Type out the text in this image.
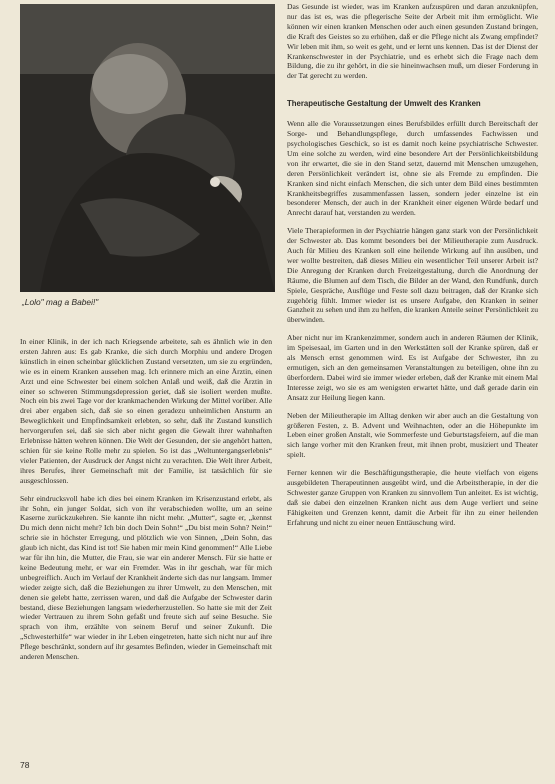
„Lolo" mag a Babei!"

In einer Klinik, in der ich nach Kriegsende arbeitete, sah es ähnlich wie in den ersten Jahren aus: Es gab Kranke, die sich durch Morphiu und andere Drogen künstlich in einen scheinbar glücklichen Zustand versetzten, um sie zu ergründen, wie es in einem Kranken aussehen mag. Ich erinnere mich an eine Ärztin, einen Arzt und eine Schwester bei einem solchen Anlaß und weiß, daß die Ärztin in einer so schweren Stimmungsdepression geriet, daß sie isoliert werden mußte. Noch ein bis zwei Tage vor der krankmachenden Wirkung der Mittel vorüber. Alle drei aber ergaben sich, daß sie so einen geradezu unheimlichen Ansturm an Beweglichkeit und Empfindsamkeit erlebten, so sehr, daß ihr Zustand kunstlich hervorgerufen sei, daß sie sich aber nicht gegen die Gewalt ihrer wahnhaften Erlebnisse hätten wehren können. Die Welt der Gesunden, der sie angehört hatten, schien für sie keine Rolle mehr zu spielen. So ist das „Weltuntergangserlebnis“ vieler Patienten, der Ausdruck der Angst nicht zu verachten. Die Welt ihrer Arbeit, ihres Berufes, ihrer Gemeinschaft mit der Familie, ist tatsächlich für sie ausgeschlossen.

Sehr eindrucksvoll habe ich dies bei einem Kranken im Krisenzustand erlebt, als ihr Sohn, ein junger Soldat, sich von ihr verabschieden wollte, um an seine Kaserne zurückzukehren. Sie kannte ihn nicht mehr. „Mutter“, sagte er, „kennst Du mich denn nicht mehr? Ich bin doch Dein Sohn!“ „Du bist mein Sohn? Nein!“ schrie sie in höchster Erregung, und plötzlich wie von Sinnen, „Dein Sohn, das glaub ich nicht, das Kind ist tot! Sie haben mir mein Kind genommen!“ Alle Liebe war für ihn hin, die Mutter, die Frau, sie war ein anderer Mensch. Für sie hatte er keine Bedeutung mehr, er war ein Fremder. Was in ihr geschah, war für mich unbegreiflich. Auch im Verlauf der Krankheit änderte sich das nur langsam. Immer wieder zeigte sich, daß die Beziehungen zu ihrer Umwelt, zu den Menschen, mit denen sie gelebt hatte, zerrissen waren, und daß die Aufgabe der Schwester darin bestand, diese Beziehungen langsam wiederherzustellen. So hatte sie mit der Zeit wieder Vertrauen zu ihrem Sohn gefaßt und freute sich auf seine Besuche. Sie sprach von ihm, erzählte von seinem Beruf und seiner Zukunft. Die „Schwesterhilfe“ war wieder in ihr Leben eingetreten, hatte sich nicht nur auf ihre Pflege beschränkt, sondern auf ihr gesamtes Befinden, wieder in Gemeinschaft mit anderen Menschen.

Das Gesunde ist wieder, was im Kranken aufzuspüren und daran anzuknüpfen, nur das ist es, was die pflegerische Seite der Arbeit mit ihm ermöglicht. Wie können wir einen kranken Menschen oder auch einen gesunden Zustand bringen, die Kraft des Geistes so zu erhöhen, daß er die Pflege nicht als Zwang empfindet? Wir leben mit ihm, so weit es geht, und er lernt uns kennen. Das ist der Dienst der Krankenschwester in der Psychiatrie, und es erhebt sich die Frage nach dem Bildung, die zu ihr gehört, in die sie hineinwachsen muß, um dieser Forderung in der Tat gerecht zu werden.

Therapeutische Gestaltung der Umwelt des Kranken

Wenn alle die Voraussetzungen eines Berufsbildes erfüllt durch Bereitschaft der Sorge- und Behandlungspflege, durch umfassendes Fachwissen und psychologisches Geschick, so ist es damit noch keine psychiatrische Schwester. Um eine solche zu werden, wird eine besondere Art der Persönlichkeitsbildung von ihr erwartet, die sie in den Stand setzt, dauernd mit Menschen umzugehen, deren Persönlichkeit verändert ist, ohne sie als Fremde zu empfinden. Die Kranken sind nicht einfach Menschen, die sich unter dem Bild eines bestimmten Krankheitsbegriffes zusammenfassen lassen, sondern jeder einzelne ist ein besonderer Mensch, der auch in der Krankheit einer eigenen Würde bedarf und Anrecht darauf hat, verstanden zu werden.

Viele Therapieformen in der Psychiatrie hängen ganz stark von der Persönlichkeit der Schwester ab. Das kommt besonders bei der Milieutherapie zum Ausdruck. Auch für Milieu des Kranken soll eine heilende Wirkung auf ihn ausüben, und wer wollte bestreiten, daß dieses Milieu ein wesentlicher Teil unserer Arbeit ist? Die Anregung der Kranken durch Freizeitgestaltung, durch die Anordnung der Räume, die Blumen auf dem Tisch, die Bilder an der Wand, den Rundfunk, durch Spiele, Gespräche, Ausflüge und Feste soll dazu beitragen, daß der Kranke sich zugehörig fühlt. Immer wieder ist es unsere Aufgabe, den Kranken in seiner Ganzheit zu sehen und ihm zu helfen, die kranken Anteile seiner Persönlichkeit zu überwinden.

Aber nicht nur im Krankenzimmer, sondern auch in anderen Räumen der Klinik, im Speisesaal, im Garten und in den Werkstätten soll der Kranke spüren, daß er als Mensch ernst genommen wird. Es ist Aufgabe der Schwester, ihn zu ermutigen, sich an den gemeinsamen Veranstaltungen zu beteiligen, ohne ihn zu überfordern. Dabei wird sie immer wieder erleben, daß der Kranke mit einem Mal Interesse zeigt, wo sie es am wenigsten erwartet hätte, und daß gerade darin ein Ansatz zur Heilung liegen kann.

Neben der Milieutherapie im Alltag denken wir aber auch an die Gestaltung von größeren Festen, z. B. Advent und Weihnachten, oder an die Höhepunkte im Leben einer großen Anstalt, wie Sommerfeste und Geburtstagsfeiern, auf die man sich lange vorher mit den Kranken freut, mit ihnen probt, musiziert und Theater spielt.

Ferner kennen wir die Beschäftigungstherapie, die heute vielfach von eigens ausgebildeten Therapeutinnen ausgeübt wird, und die Arbeitstherapie, in der die Schwester ganze Gruppen von Kranken zu sinnvollem Tun anleitet. Es ist wichtig, daß sie dabei den einzelnen Kranken nicht aus dem Auge verliert und seine Fähigkeiten und Grenzen kennt, damit die Arbeit für ihn zu einer heilenden Erfahrung und nicht zu einer neuen Enttäuschung wird.

78
